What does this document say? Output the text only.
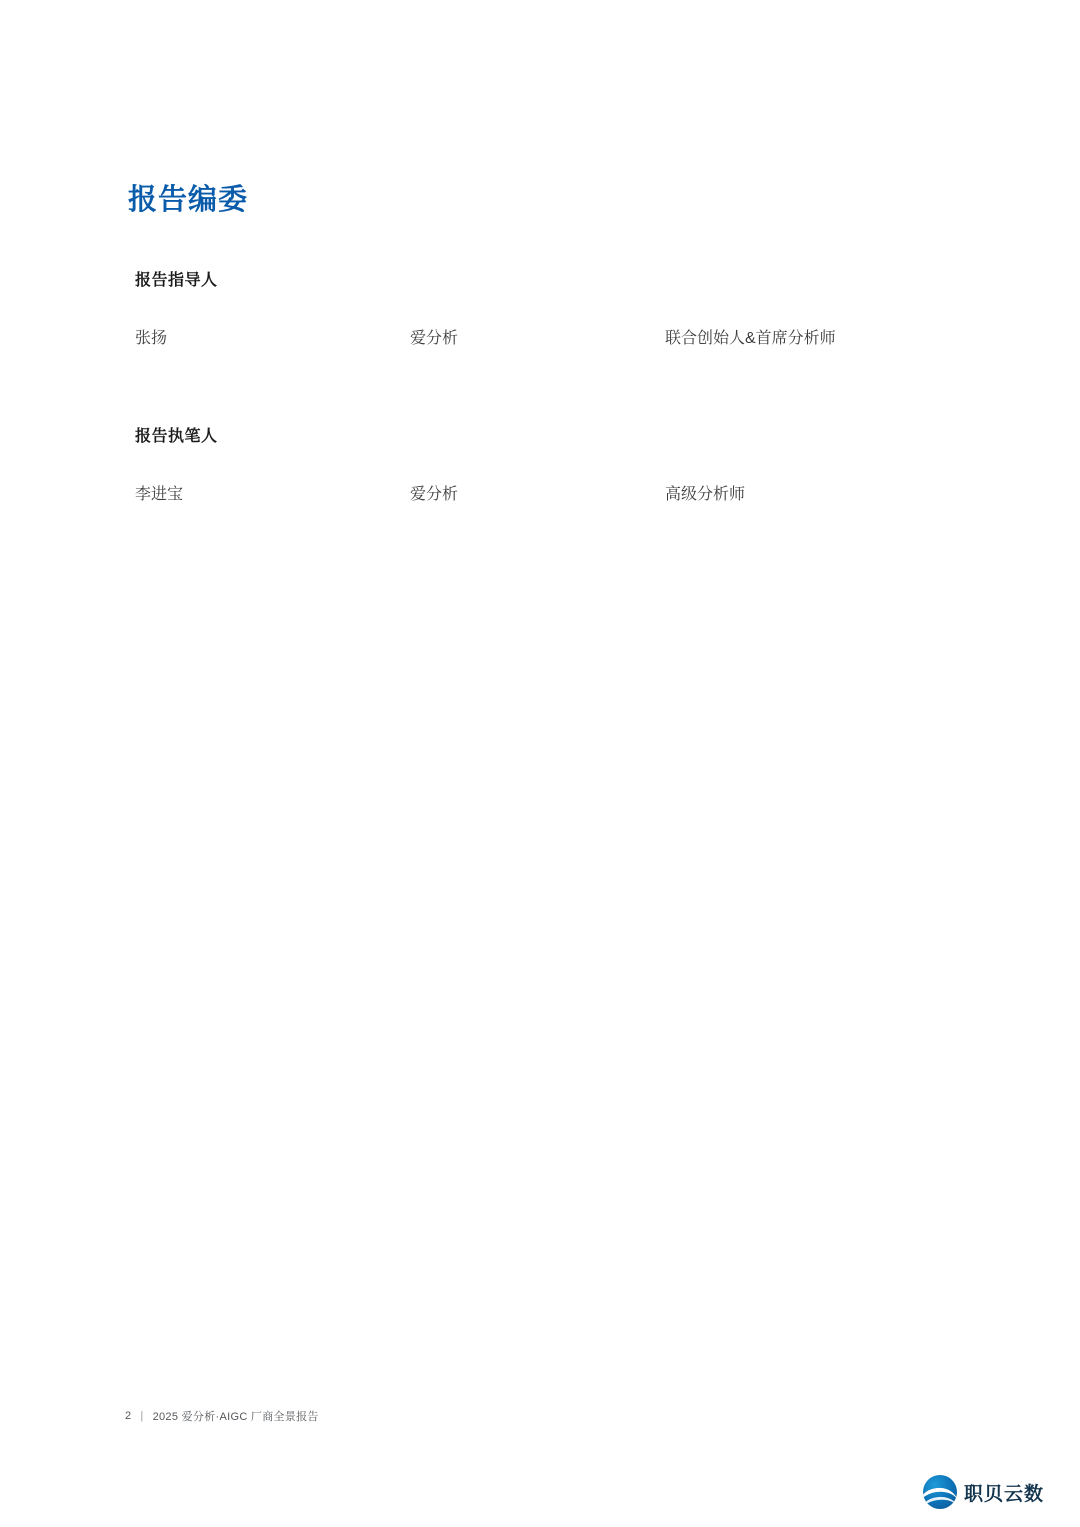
报告编委
报告指导人
张扬	爱分析	联合创始人&首席分析师
报告执笔人
李进宝	爱分析	高级分析师
2 | 2025 爱分析·AIGC 厂商全景报告
职贝云数
